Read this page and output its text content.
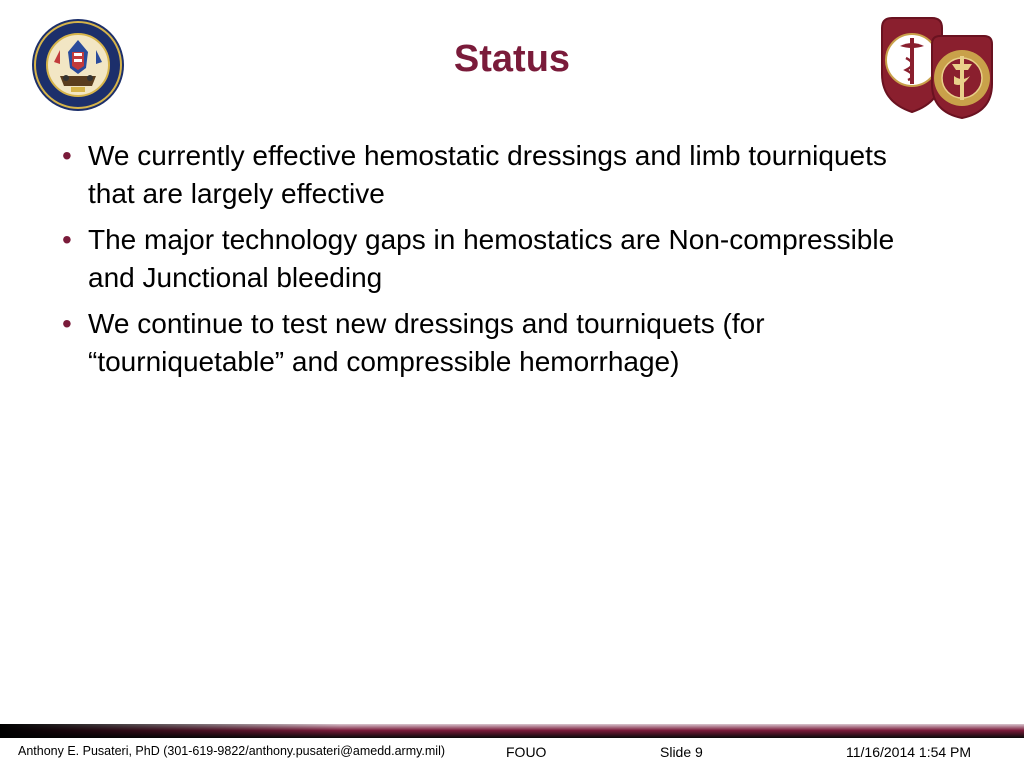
Status
• We currently effective hemostatic dressings and limb tourniquets that are largely effective
• The major technology gaps in hemostatics are Non-compressible and Junctional bleeding
• We continue to test new dressings and tourniquets (for “tourniquetable” and compressible hemorrhage)
Anthony E. Pusateri, PhD (301-619-9822/anthony.pusateri@amedd.army.mil)	FOUO	Slide 9	11/16/2014 1:54 PM
